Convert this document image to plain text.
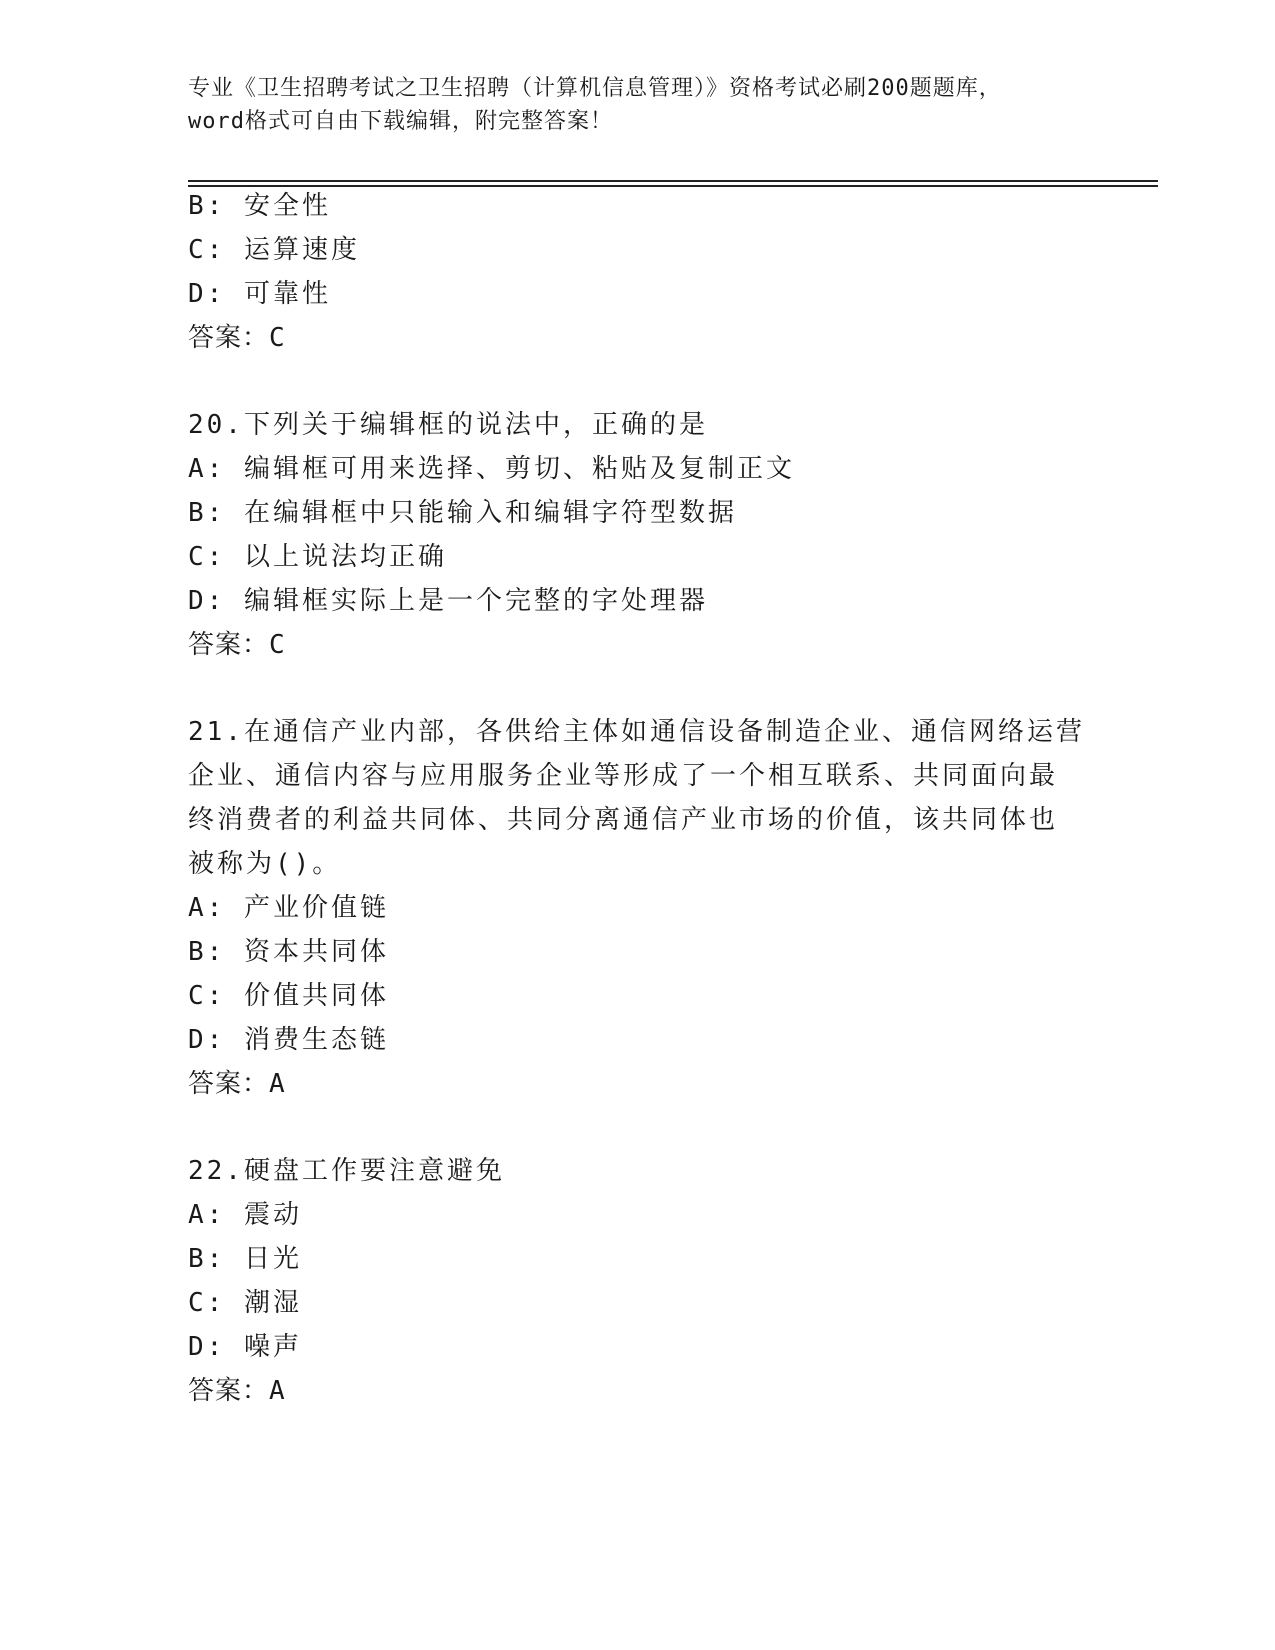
专业《卫生招聘考试之卫生招聘（计算机信息管理）》资格考试必刷200题题库，
word格式可自由下载编辑，附完整答案！
B: 安全性
C: 运算速度
D: 可靠性
答案：C
20.下列关于编辑框的说法中，正确的是
A: 编辑框可用来选择、剪切、粘贴及复制正文
B: 在编辑框中只能输入和编辑字符型数据
C: 以上说法均正确
D: 编辑框实际上是一个完整的字处理器
答案：C
21.在通信产业内部，各供给主体如通信设备制造企业、通信网络运营
企业、通信内容与应用服务企业等形成了一个相互联系、共同面向最
终消费者的利益共同体、共同分离通信产业市场的价值，该共同体也
被称为()。
A: 产业价值链
B: 资本共同体
C: 价值共同体
D: 消费生态链
答案：A
22.硬盘工作要注意避免
A: 震动
B: 日光
C: 潮湿
D: 噪声
答案：A
